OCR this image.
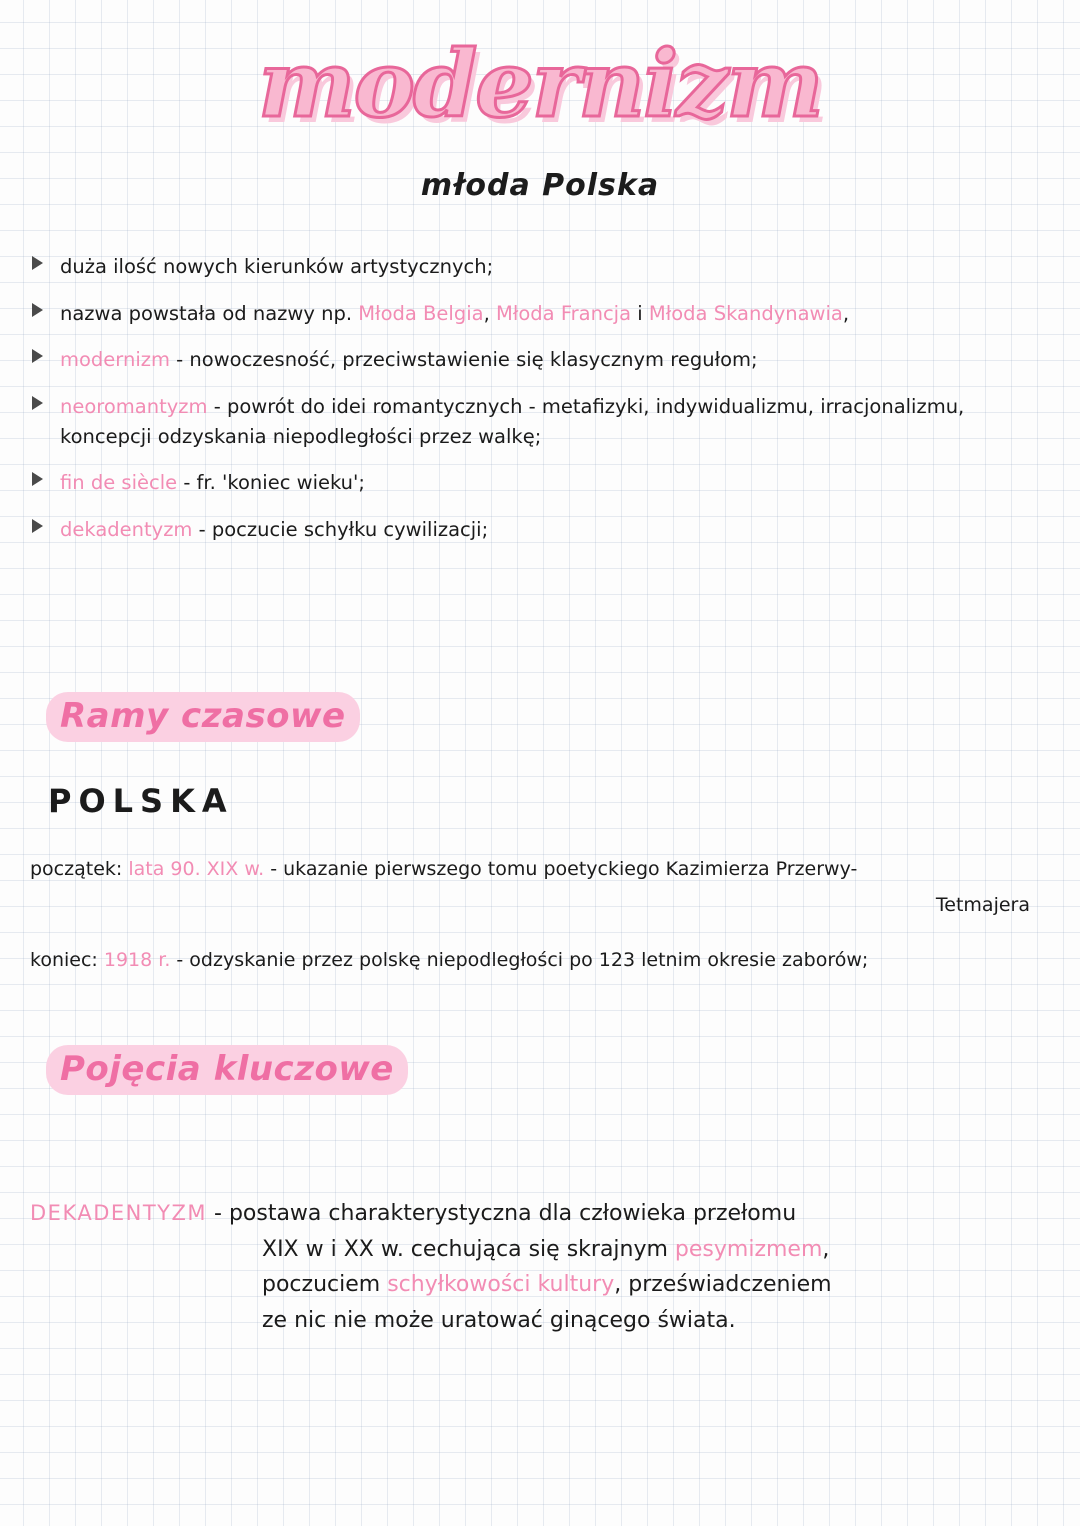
modernizm
młoda Polska
duża ilość nowych kierunków artystycznych;
nazwa powstała od nazwy np. Młoda Belgia, Młoda Francja i Młoda Skandynawia,
modernizm - nowoczesność, przeciwstawienie się klasycznym regułom;
neoromantyzm - powrót do idei romantycznych - metafizyki, indywidualizmu, irracjonalizmu, koncepcji odzyskania niepodległości przez walkę;
fin de siècle - fr. 'koniec wieku';
dekadentyzm - poczucie schyłku cywilizacji;
Ramy czasowe
POLSKA
początek: lata 90. XIX w. - ukazanie pierwszego tomu poetyckiego Kazimierza Przerwy-
Tetmajera
koniec: 1918 r. - odzyskanie przez polskę niepodległości po 123 letnim okresie zaborów;
Pojęcia kluczowe
DEKADENTYZM - postawa charakterystyczna dla człowieka przełomu
XIX w i XX w. cechująca się skrajnym pesymizmem,
poczuciem schyłkowości kultury, przeświadczeniem
ze nic nie może uratować ginącego świata.
